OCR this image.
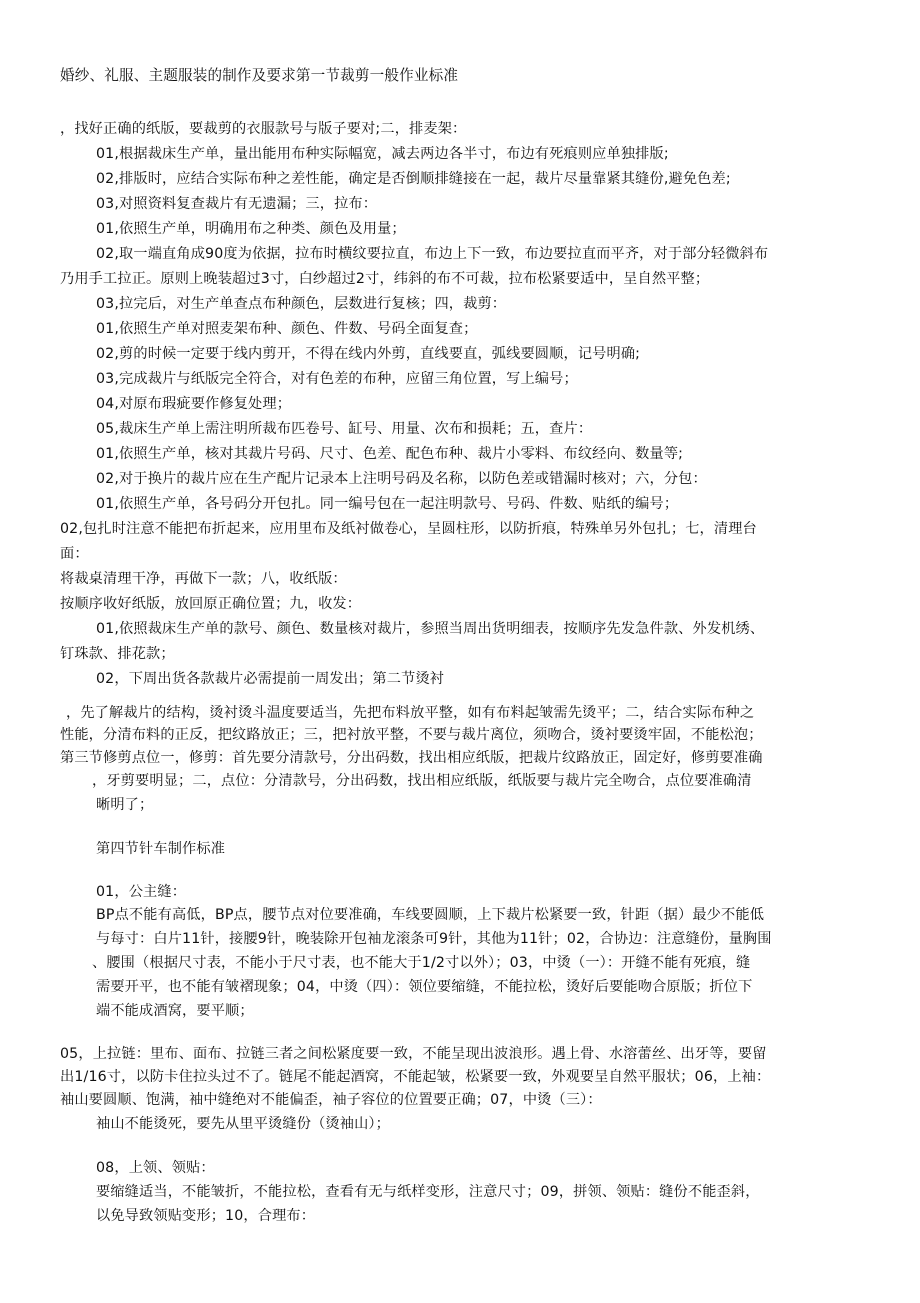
婚纱、礼服、主题服装的制作及要求第一节裁剪一般作业标准

，找好正确的纸版，要裁剪的衣服款号与版子要对;二，排麦架：

01,根据裁床生产单，量出能用布种实际幅宽，减去两边各半寸，布边有死痕则应单独排版;

02,排版时，应结合实际布种之差性能，确定是否倒顺排缝接在一起，裁片尽量靠紧其缝份,避免色差;

03,对照资料复查裁片有无遗漏；三，拉布：

01,依照生产单，明确用布之种类、颜色及用量；

02,取一端直角成90度为依据，拉布时横纹要拉直，布边上下一致，布边要拉直而平齐，对于部分轻微斜布

乃用手工拉正。原则上晚装超过3寸，白纱超过2寸，纬斜的布不可裁，拉布松紧要适中，呈自然平整；

03,拉完后，对生产单查点布种颜色，层数进行复核；四，裁剪：

01,依照生产单对照麦架布种、颜色、件数、号码全面复查；

02,剪的时候一定要于线内剪开，不得在线内外剪，直线要直，弧线要圆顺，记号明确;

03,完成裁片与纸版完全符合，对有色差的布种，应留三角位置，写上编号；

04,对原布瑕疵要作修复处理；

05,裁床生产单上需注明所裁布匹卷号、缸号、用量、次布和损耗；五，查片：

01,依照生产单，核对其裁片号码、尺寸、色差、配色布种、裁片小零料、布纹经向、数量等;

02,对于换片的裁片应在生产配片记录本上注明号码及名称，以防色差或错漏时核对；六，分包：

01,依照生产单，各号码分开包扎。同一编号包在一起注明款号、号码、件数、贴纸的编号；

02,包扎时注意不能把布折起来，应用里布及纸衬做卷心，呈圆柱形，以防折痕，特殊单另外包扎；七，清理台

面：

将裁桌清理干净，再做下一款；八，收纸版：

按顺序收好纸版，放回原正确位置；九，收发：

01,依照裁床生产单的款号、颜色、数量核对裁片，参照当周出货明细表，按顺序先发急件款、外发机绣、

钉珠款、排花款；

02，下周出货各款裁片必需提前一周发出；第二节烫衬

，先了解裁片的结构，烫衬烫斗温度要适当，先把布料放平整，如有布料起皱需先烫平；二，结合实际布种之

性能，分清布料的正反，把纹路放正；三，把衬放平整，不要与裁片离位，须吻合，烫衬要烫牢固，不能松泡；

第三节修剪点位一，修剪：首先要分清款号，分出码数，找出相应纸版，把裁片纹路放正，固定好，修剪要准确

，牙剪要明显；二，点位：分清款号，分出码数，找出相应纸版，纸版要与裁片完全吻合，点位要准确清

晰明了；

第四节针车制作标准

01，公主缝：

BP点不能有高低，BP点，腰节点对位要准确，车线要圆顺，上下裁片松紧要一致，针距（据）最少不能低

与每寸：白片11针，接腰9针，晚装除开包袖龙滚条可9针，其他为11针；02，合协边：注意缝份，量胸围

、腰围（根据尺寸表，不能小于尺寸表，也不能大于1/2寸以外）；03，中烫（一）：开缝不能有死痕，缝

需要开平，也不能有皱褶现象；04，中烫（四）：领位要缩缝，不能拉松，烫好后要能吻合原版；折位下

端不能成酒窝，要平顺；

05，上拉链：里布、面布、拉链三者之间松紧度要一致，不能呈现出波浪形。遇上骨、水溶蕾丝、出牙等，要留

出1/16寸，以防卡住拉头过不了。链尾不能起酒窝，不能起皱，松紧要一致，外观要呈自然平服状；06，上袖：

袖山要圆顺、饱满，袖中缝绝对不能偏歪，袖子容位的位置要正确；07，中烫（三）：

袖山不能烫死，要先从里平烫缝份（烫袖山）；

08，上领、领贴：

要缩缝适当，不能皱折，不能拉松，查看有无与纸样变形，注意尺寸；09，拼领、领贴：缝份不能歪斜，

以免导致领贴变形；10，合理布：
